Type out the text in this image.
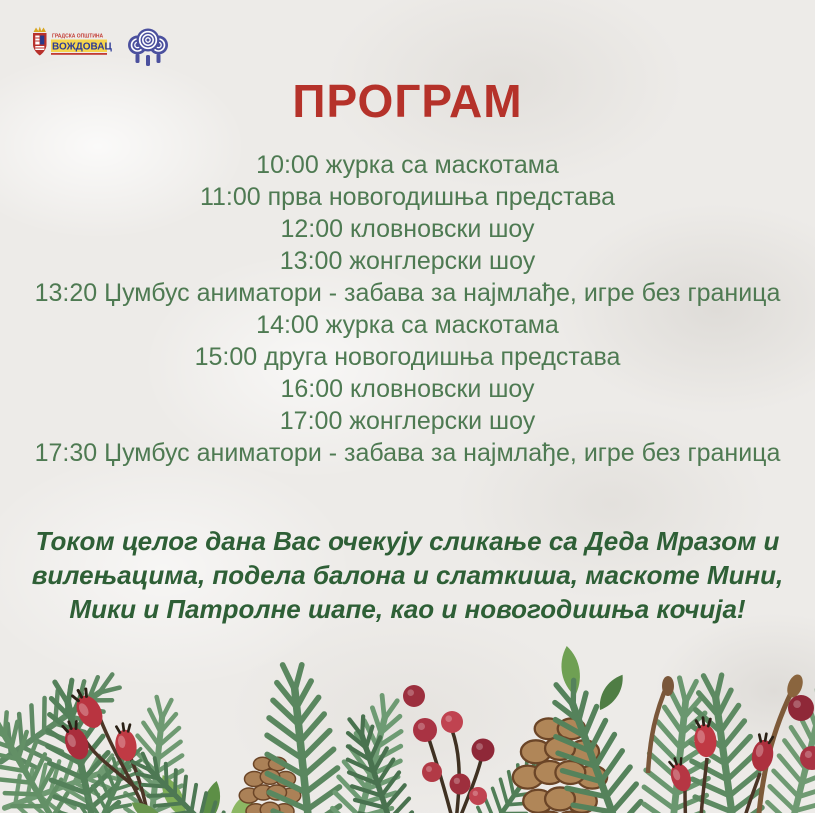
ГРАДСКА ОПШТИНА
ВОЖДОВАЦ
ПРОГРАМ
10:00 журка са маскотама
11:00 прва новогодишња представа
12:00 кловновски шоу
13:00 жонглерски шоу
13:20 Џумбус аниматори - забава за најмлађе, игре без граница
14:00 журка са маскотама
15:00 друга новогодишња представа
16:00 кловновски шоу
17:00 жонглерски шоу
17:30 Џумбус аниматори - забава за најмлађе, игре без граница
Током целог дана Вас очекују сликање са Деда Мразом и
вилењацима, подела балона и слаткиша, маскоте Мини,
Мики и Патролне шапе, као и новогодишња кочија!
